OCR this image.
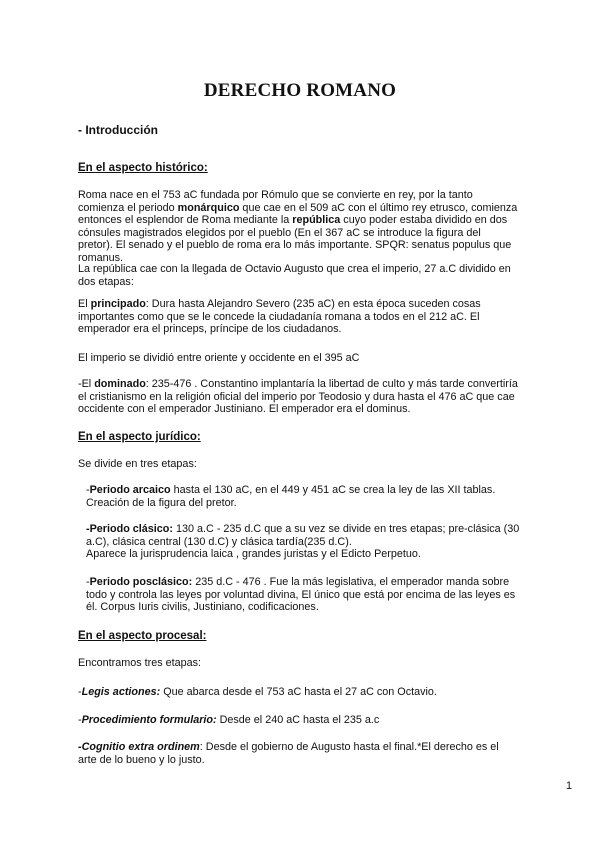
DERECHO ROMANO
- Introducción
En el aspecto histórico:

Roma nace en el 753 aC fundada por Rómulo que se convierte en rey, por la tanto comienza el periodo monárquico que cae en el 509 aC con el último rey etrusco, comienza entonces el esplendor de Roma mediante la república cuyo poder estaba dividido en dos cónsules magistrados elegidos por el pueblo (En el 367 aC se introduce la figura del pretor). El senado y el pueblo de roma era lo más importante. SPQR: senatus populus que romanus.

La república cae con la llegada de Octavio Augusto que crea el imperio, 27 a.C dividido en dos etapas:

El principado: Dura hasta Alejandro Severo (235 aC) en esta época suceden cosas importantes como que se le concede la ciudadanía romana a todos en el 212 aC. El emperador era el princeps, príncipe de los ciudadanos.

El imperio se dividió entre oriente y occidente en el 395 aC

-El dominado: 235-476 . Constantino implantaría la libertad de culto y más tarde convertiría el cristianismo en la religión oficial del imperio por Teodosio y dura hasta el 476 aC que cae occidente con el emperador Justiniano. El emperador era el dominus.

En el aspecto jurídico:

Se divide en tres etapas:

-Periodo arcaico hasta el 130 aC, en el 449 y 451 aC se crea la ley de las XII tablas. Creación de la figura del pretor.

-Periodo clásico: 130 a.C - 235 d.C que a su vez se divide en tres etapas; pre-clásica (30 a.C), clásica central (130 d.C) y clásica tardía(235 d.C).
Aparece la jurisprudencia laica , grandes juristas y el Edicto Perpetuo.

-Periodo posclásico: 235 d.C - 476 . Fue la más legislativa, el emperador manda sobre todo y controla las leyes por voluntad divina, El único que está por encima de las leyes es él. Corpus Iuris civilis, Justiniano, codificaciones.

En el aspecto procesal:

Encontramos tres etapas:

-Legis actiones: Que abarca desde el 753 aC hasta el 27 aC con Octavio.

-Procedimiento formulario: Desde el 240 aC hasta el 235 a.c

-Cognitio extra ordinem: Desde el gobierno de Augusto hasta el final.*El derecho es el arte de lo bueno y lo justo.

1
